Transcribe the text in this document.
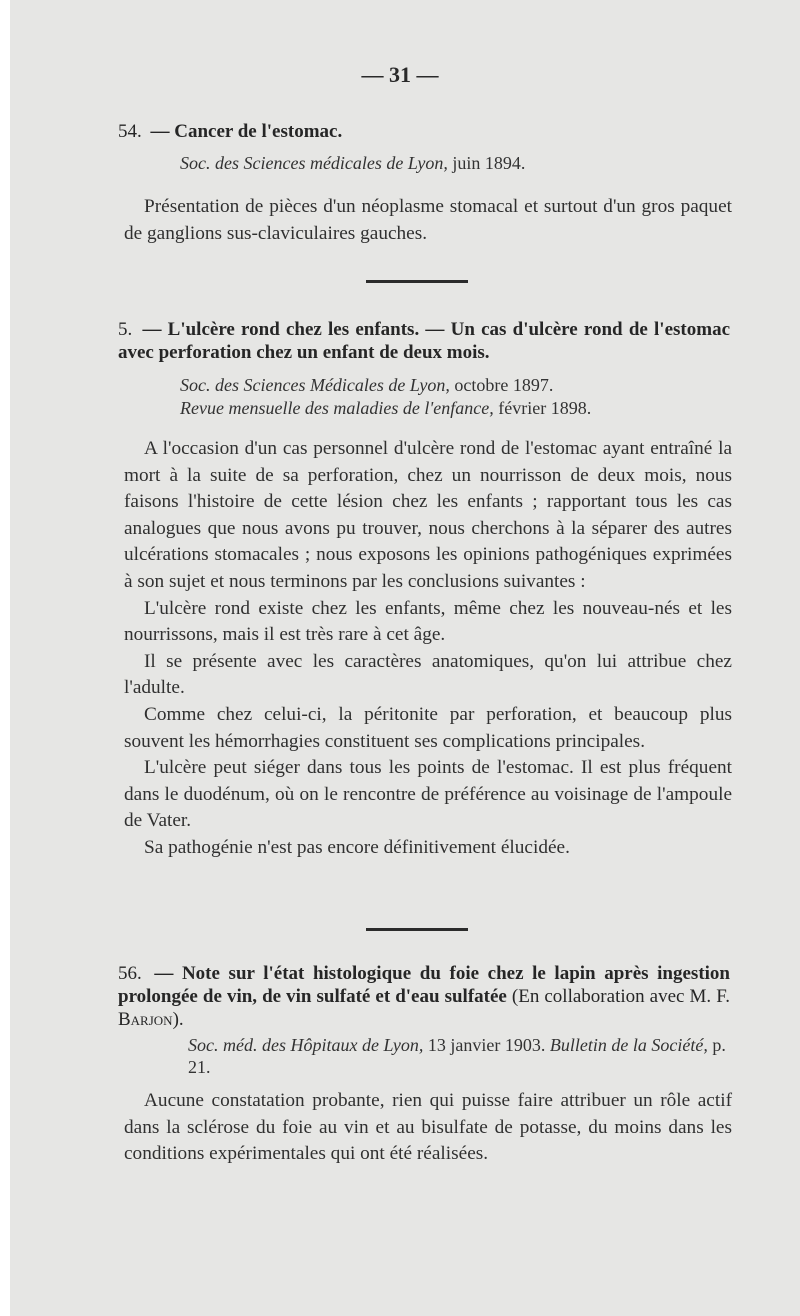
— 31 —
54. — Cancer de l'estomac.
Soc. des Sciences médicales de Lyon, juin 1894.

Présentation de pièces d'un néoplasme stomacal et surtout d'un gros paquet de ganglions sus-claviculaires gauches.

5. — L'ulcère rond chez les enfants. — Un cas d'ulcère rond de l'estomac avec perforation chez un enfant de deux mois.
Soc. des Sciences Médicales de Lyon, octobre 1897.
Revue mensuelle des maladies de l'enfance, février 1898.

A l'occasion d'un cas personnel d'ulcère rond de l'estomac ayant entraîné la mort à la suite de sa perforation, chez un nourrisson de deux mois, nous faisons l'histoire de cette lésion chez les enfants ; rapportant tous les cas analogues que nous avons pu trouver, nous cherchons à la séparer des autres ulcérations stomacales ; nous exposons les opinions pathogéniques exprimées à son sujet et nous terminons par les conclusions suivantes :

L'ulcère rond existe chez les enfants, même chez les nouveau-nés et les nourrissons, mais il est très rare à cet âge.

Il se présente avec les caractères anatomiques, qu'on lui attribue chez l'adulte.

Comme chez celui-ci, la péritonite par perforation, et beaucoup plus souvent les hémorrhagies constituent ses complications principales.

L'ulcère peut siéger dans tous les points de l'estomac. Il est plus fréquent dans le duodénum, où on le rencontre de préférence au voisinage de l'ampoule de Vater.

Sa pathogénie n'est pas encore définitivement élucidée.

56. — Note sur l'état histologique du foie chez le lapin après ingestion prolongée de vin, de vin sulfaté et d'eau sulfatée (En collaboration avec M. F. Barjon).
Soc. méd. des Hôpitaux de Lyon, 13 janvier 1903. Bulletin de la Société, p. 21.

Aucune constatation probante, rien qui puisse faire attribuer un rôle actif dans la sclérose du foie au vin et au bisulfate de potasse, du moins dans les conditions expérimentales qui ont été réalisées.
